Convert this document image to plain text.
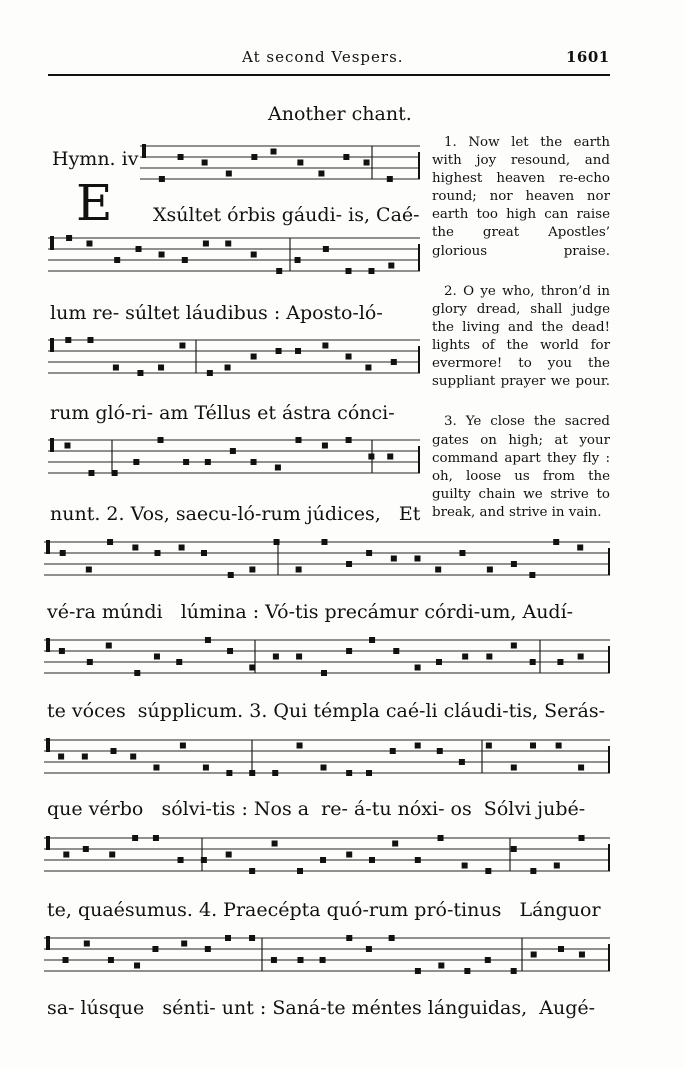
At second Vespers.	1601
Another chant.
Hymn. iv
E Xsúltet órbis gáudi- is, Caé-
lum re- súltet láudibus : Aposto-ló-
rum gló-ri- am Téllus et ástra cónci-
nunt. 2. Vos, saecu-ló-rum júdices,   Et
vé-ra múndi   lúmina : Vó-tis precámur córdi-um, Audí-
te vóces  súpplicum. 3. Qui témpla caé-li cláudi-tis, Serás-
que vérbo   sólvi-tis : Nos a  re- á-tu nóxi- os  Sólvi jubé-
te, quaésumus. 4. Praecépta quó-rum pró-tinus   Lánguor
sa- lúsque   sénti- unt : Saná-te méntes lánguidas,  Augé-

1. Now let the earth with joy resound, and highest heaven re-echo round; nor heaven nor earth too high can raise the great Apostles’ glorious praise.

2. O ye who, thron’d in glory dread, shall judge the living and the dead! lights of the world for evermore! to you the suppliant prayer we pour.

3. Ye close the sacred gates on high; at your command apart they fly : oh, loose us from the guilty chain we strive to break, and strive in vain.
